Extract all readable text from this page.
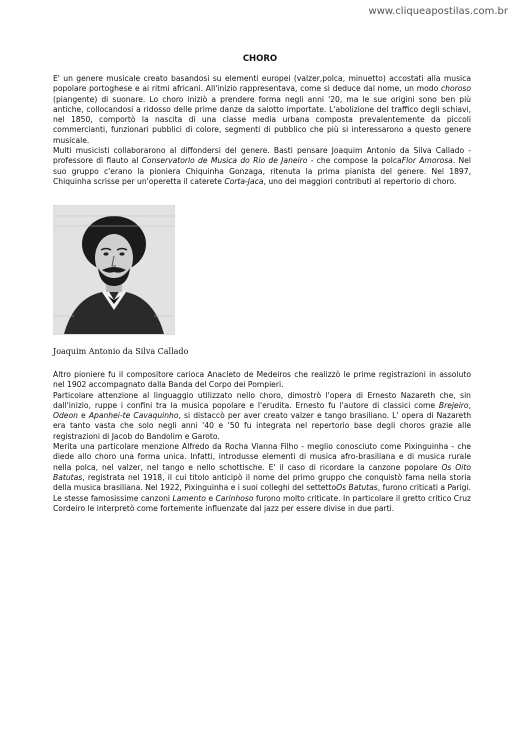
www.cliqueapostilas.com.br
CHORO

E' un genere musicale creato basandosi su elementi europei (valzer,polca, minuetto) accostati alla musica popolare portoghese e ai ritmi africani. All'inizio rappresentava, come si deduce dal nome, un modo choroso (piangente) di suonare. Lo choro iniziò a prendere forma negli anni '20, ma le sue origini sono ben più antiche, collocandosi a ridosso delle prime danze da salotto importate. L'abolizione del traffico degli schiavi, nel 1850, comportò la nascita di una classe media urbana composta prevalentemente da piccoli commercianti, funzionari pubblici di colore, segmenti di pubblico che più si interessarono a questo genere musicale.

Multi musicisti collaborarono al diffondersi del genere. Basti pensare Joaquim Antonio da Silva Callado -professore di flauto al Conservatorio de Musica do Rio de Janeiro - che compose la polcaFlor Amorosa. Nel suo gruppo c'erano la pioniera Chiquinha Gonzaga, ritenuta la prima pianista del genere. Nel 1897, Chiquinha scrisse per un'operetta il caterete Corta-Jaca, uno dei maggiori contributi al repertorio di choro.

Joaquim Antonio da Silva Callado

Altro pioniere fu il compositore carioca Anacleto de Medeiros che realizzò le prime registrazioni in assoluto nel 1902 accompagnato dalla Banda del Corpo dei Pompieri.

Particolare attenzione al linguaggio utilizzato nello choro, dimostrò l'opera di Ernesto Nazareth che, sin dall'inizio, ruppe i confini tra la musica popolare e l'erudita. Ernesto fu l'autore di classici come Brejeiro, Odeon e Apanhei-te Cavaquinho, si distaccò per aver creato valzer e tango brasiliano. L' opera di Nazareth era tanto vasta che solo negli anni '40 e '50 fu integrata nel repertorio base degli choros grazie alle registrazioni di Jacob do Bandolim e Garoto.

Merita una particolare menzione Alfredo da Rocha Vianna Filho - meglio conosciuto come Pixinguinha - che diede allo choro una forma unica. Infatti, introdusse elementi di musica afro-brasiliana e di musica rurale nella polca, nel valzer, nel tango e nello schottische. E' il caso di ricordare la canzone popolare Os Oito Batutas, registrata nel 1918, il cui titolo anticipò il nome del primo gruppo che conquistò fama nella storia della musica brasiliana. Nel 1922, Pixinguinha e i suoi colleghi del settettoOs Batutas, furono criticati a Parigi. Le stesse famosissime canzoni Lamento e Carinhoso furono molto criticate. In particolare il gretto critico Cruz Cordeiro le interpretò come fortemente influenzate dal jazz per essere divise in due parti.
